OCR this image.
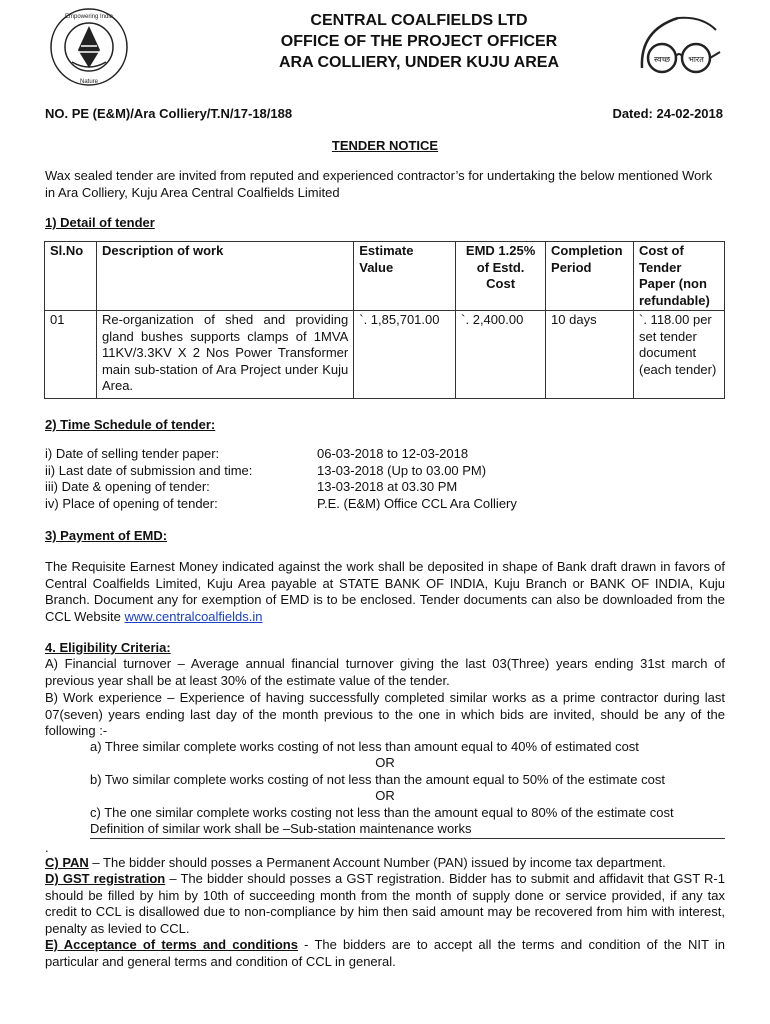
Empowering India
Nature
स्वच्छ भारत
CENTRAL COALFIELDS LTD
OFFICE OF THE PROJECT OFFICER
ARA COLLIERY, UNDER KUJU AREA
NO. PE (E&M)/Ara Colliery/T.N/17-18/188	Dated: 24-02-2018
TENDER NOTICE
Wax sealed tender are invited from reputed and experienced contractor’s for undertaking the below mentioned Work in Ara Colliery, Kuju Area Central Coalfields Limited
1) Detail of tender
Sl.No	Description of work	Estimate Value	EMD 1.25% of Estd. Cost	Completion Period	Cost of Tender Paper (non refundable)
01	Re-organization of shed and providing gland bushes supports clamps of 1MVA 11KV/3.3KV X 2 Nos Power Transformer main sub-station of Ara Project under Kuju Area.	`. 1,85,701.00	`. 2,400.00	10 days	`. 118.00 per set tender document (each tender)
2) Time Schedule of tender:
i) Date of selling tender paper:	06-03-2018 to 12-03-2018
ii) Last date of submission and time:	13-03-2018 (Up to 03.00 PM)
iii) Date & opening of tender:	13-03-2018 at 03.30 PM
iv) Place of opening of tender:	P.E. (E&M) Office CCL Ara Colliery
3) Payment of EMD:
The Requisite Earnest Money indicated against the work shall be deposited in shape of Bank draft drawn in favors of Central Coalfields Limited, Kuju Area payable at STATE BANK OF INDIA, Kuju Branch or BANK OF INDIA, Kuju Branch. Document any for exemption of EMD is to be enclosed. Tender documents can also be downloaded from the CCL Website www.centralcoalfields.in
4. Eligibility Criteria:
A) Financial turnover – Average annual financial turnover giving the last 03(Three) years ending 31st march of previous year shall be at least 30% of the estimate value of the tender.
B) Work experience – Experience of having successfully completed similar works as a prime contractor during last 07(seven) years ending last day of the month previous to the one in which bids are invited, should be any of the following :-
a) Three similar complete works costing of not less than amount equal to 40% of estimated cost
OR
b) Two similar complete works costing of not less than the amount equal to 50% of the estimate cost
OR
c) The one similar complete works costing not less than the amount equal to 80% of the estimate cost
Definition of similar work shall be –Sub-station maintenance works
.
C) PAN – The bidder should posses a Permanent Account Number (PAN) issued by income tax department.
D) GST registration – The bidder should posses a GST registration. Bidder has to submit and affidavit that GST R-1 should be filled by him by 10th of succeeding month from the month of supply done or service provided, if any tax credit to CCL is disallowed due to non-compliance by him then said amount may be recovered from him with interest, penalty as levied to CCL.
E) Acceptance of terms and conditions - The bidders are to accept all the terms and condition of the NIT in particular and general terms and condition of CCL in general.
